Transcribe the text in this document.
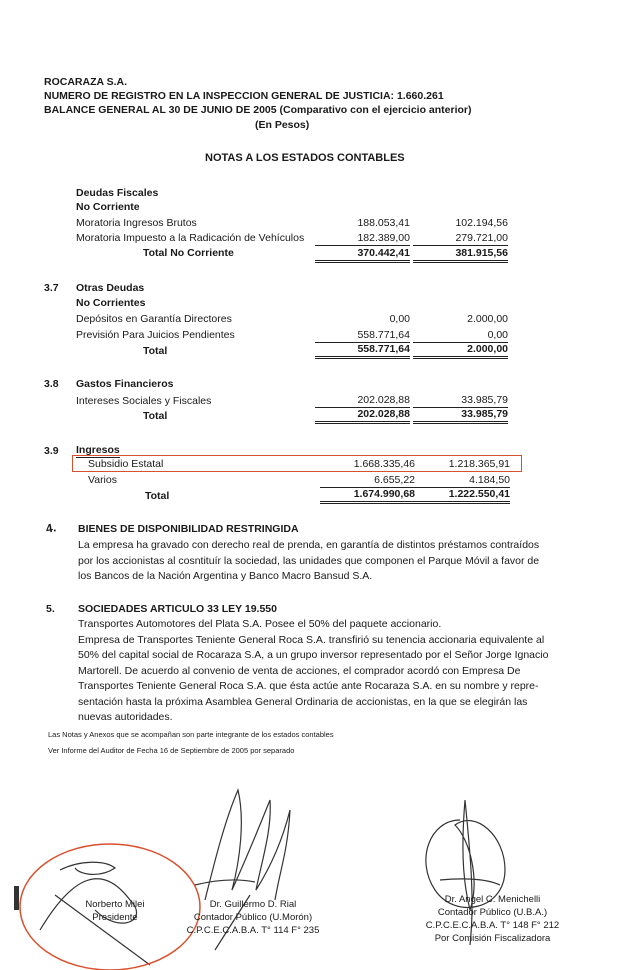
ROCARAZA S.A.
NUMERO DE REGISTRO EN LA INSPECCION GENERAL DE JUSTICIA: 1.660.261
BALANCE GENERAL AL 30 DE JUNIO DE 2005 (Comparativo con el ejercicio anterior)
(En Pesos)
NOTAS A LOS ESTADOS CONTABLES
Deudas Fiscales
No Corriente
Moratoria Ingresos Brutos	188.053,41	102.194,56
Moratoria Impuesto a la Radicación de Vehículos	182.389,00	279.721,00
Total No Corriente	370.442,41	381.915,56
3.7 Otras Deudas
No Corrientes
Depósitos en Garantía Directores	0,00	2.000,00
Previsión Para Juicios Pendientes	558.771,64	0,00
Total	558.771,64	2.000,00
3.8 Gastos Financieros
Intereses Sociales y Fiscales	202.028,88	33.985,79
Total	202.028,88	33.985,79
3.9 Ingresos
Subsidio Estatal	1.668.335,46	1.218.365,91
Varios	6.655,22	4.184,50
Total	1.674.990,68	1.222.550,41
4. BIENES DE DISPONIBILIDAD RESTRINGIDA
La empresa ha gravado con derecho real de prenda, en garantía de distintos préstamos contraídos
por los accionistas al cosntituír la sociedad, las unidades que componen el Parque Móvil a favor de
los Bancos de la Nación Argentina y Banco Macro Bansud S.A.
5. SOCIEDADES ARTICULO 33 LEY 19.550
Transportes Automotores del Plata S.A. Posee el 50% del paquete accionario.
Empresa de Transportes Teniente General Roca S.A. transfirió su tenencia accionaria equivalente al
50% del capital social de Rocaraza S.A, a un grupo inversor representado por el Señor Jorge Ignacio
Martorell. De acuerdo al convenio de venta de acciones, el comprador acordó con Empresa De
Transportes Teniente General Roca S.A. que ésta actúe ante Rocaraza S.A. en su nombre y repre-
sentación hasta la próxima Asamblea General Ordinaria de accionistas, en la que se elegirán las
nuevas autoridades.
Las Notas y Anexos que se acompañan son parte integrante de los estados contables
Ver Informe del Auditor de Fecha 16 de Septiembre de 2005 por separado
Norberto Milei
Presidente
Dr. Guillermo D. Rial
Contador Público (U.Morón)
C.P.C.E.C.A.B.A. T° 114 F° 235
Dr. Angel C. Menichelli
Contador Público (U.B.A.)
C.P.C.E.C.A.B.A. T° 148 F° 212
Por Comisión Fiscalizadora
